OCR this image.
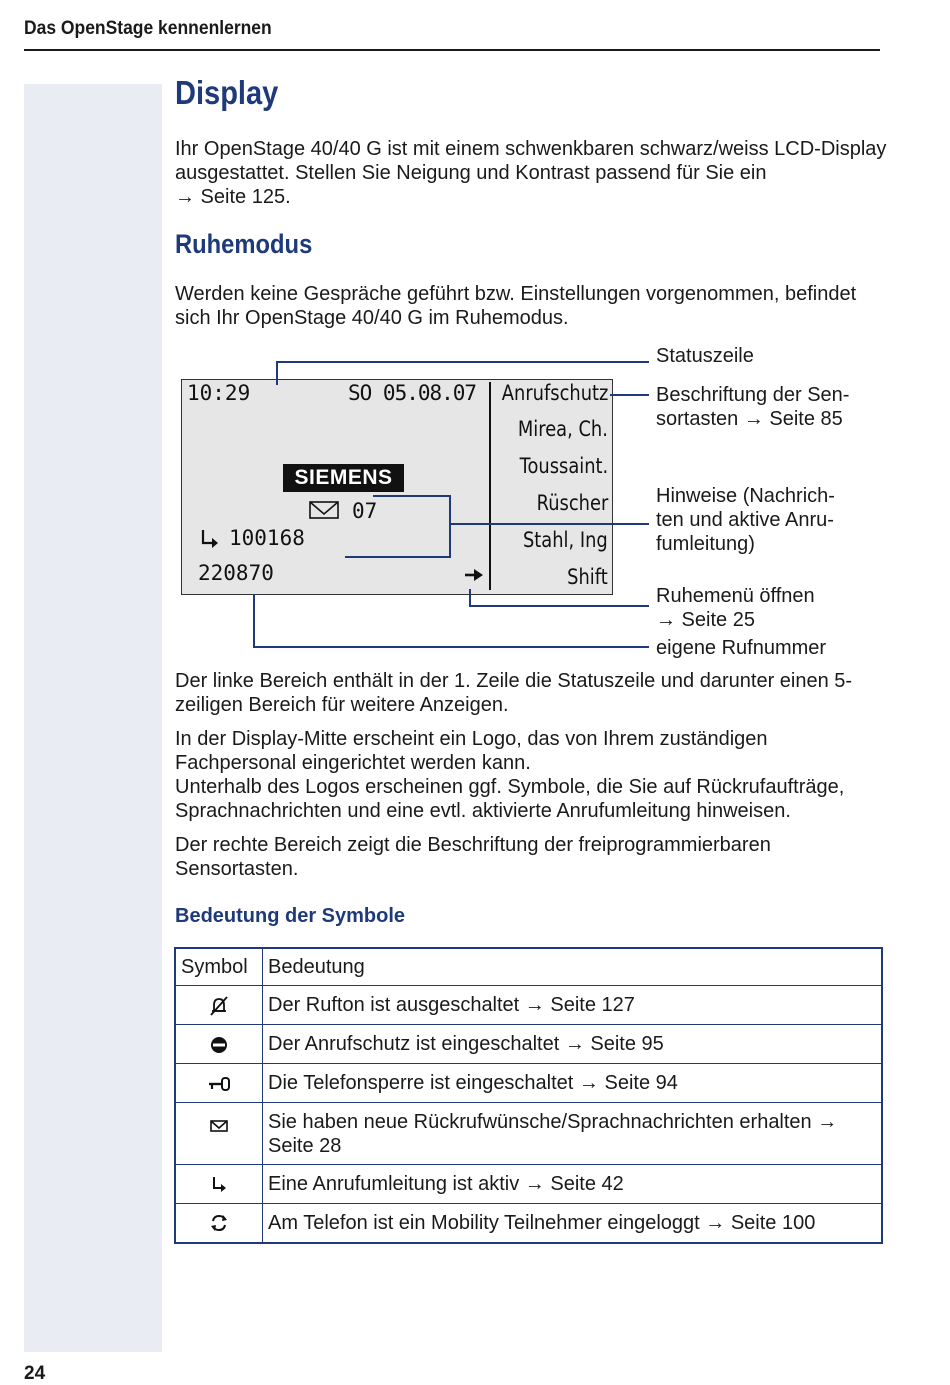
Das OpenStage kennenlernen
Display

Ihr OpenStage 40/40 G ist mit einem schwenkbaren schwarz/weiss LCD-Display ausgestattet. Stellen Sie Neigung und Kontrast passend für Sie ein
→ Seite 125.

Ruhemodus

Werden keine Gespräche geführt bzw. Einstellungen vorgenommen, befindet sich Ihr OpenStage 40/40 G im Ruhemodus.

10:29	SO 05.08.07
SIEMENS
07
100168
220870
Anrufschutz
Mirea, Ch.
Toussaint.
Rüscher
Stahl, Ing
Shift
Statuszeile
Beschriftung der Sen-
sortasten → Seite 85
Hinweise (Nachrich-
ten und aktive Anru-
fumleitung)
Ruhemenü öffnen
→ Seite 25
eigene Rufnummer

Der linke Bereich enthält in der 1. Zeile die Statuszeile und darunter einen 5-zeiligen Bereich für weitere Anzeigen.

In der Display-Mitte erscheint ein Logo, das von Ihrem zuständigen Fachpersonal eingerichtet werden kann.

Unterhalb des Logos erscheinen ggf. Symbole, die Sie auf Rückrufaufträge, Sprachnachrichten und eine evtl. aktivierte Anrufumleitung hinweisen.

Der rechte Bereich zeigt die Beschriftung der freiprogrammierbaren Sensortasten.

Bedeutung der Symbole
Symbol	Bedeutung
	Der Rufton ist ausgeschaltet → Seite 127
	Der Anrufschutz ist eingeschaltet → Seite 95
	Die Telefonsperre ist eingeschaltet → Seite 94
	Sie haben neue Rückrufwünsche/Sprachnachrichten erhalten → Seite 28
	Eine Anrufumleitung ist aktiv → Seite 42
	Am Telefon ist ein Mobility Teilnehmer eingeloggt → Seite 100
24
